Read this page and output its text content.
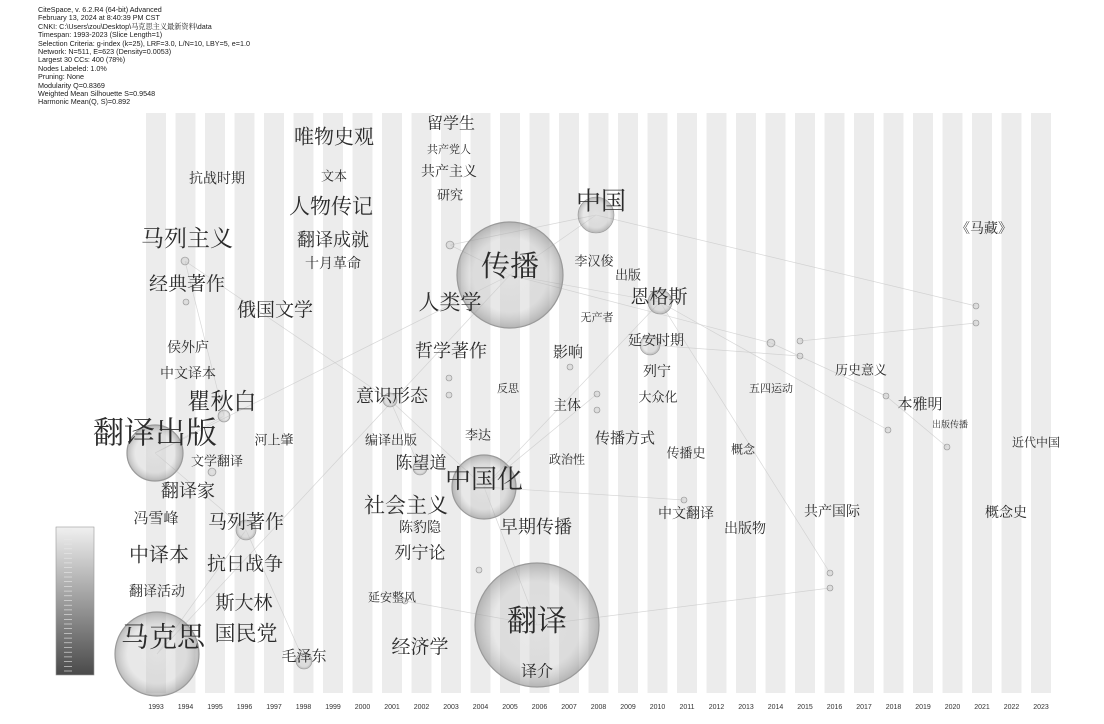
CiteSpace, v. 6.2.R4 (64-bit) Advanced
February 13, 2024 at 8:40:39 PM CST
CNKI: C:\Users\zou\Desktop\马克思主义最新资料\data
Timespan: 1993-2023 (Slice Length=1)
Selection Criteria: g-index (k=25), LRF=3.0, L/N=10, LBY=5, e=1.0
Network: N=511, E=623 (Density=0.0053)
Largest 30 CCs: 400 (78%)
Nodes Labeled: 1.0%
Pruning: None
Modularity Q=0.8369
Weighted Mean Silhouette S=0.9548
Harmonic Mean(Q, S)=0.892
唯物史观
留学生
共产党人
抗战时期	文本	共产主义
研究
人物传记	中国
马列主义	翻译成就
十月革命	传播	李汉俊
出版
《马藏》
经典著作
恩格斯
俄国文学	人类学
无产者
侯外庐	延安时期
哲学著作	影响
中文译本	列宁	历史意义
瞿秋白	意识形态	反思	五四运动
主体	大众化	本雅明
出版传播
翻译出版	河上肇	编译出版	李达	传播方式	近代中国
文学翻译	陈望道	政治性	传播史 概念
中国化
翻译家
社会主义
冯雪峰 马列著作	陈豹隐	早期传播
中文翻译
出版物
共产国际	概念史
中译本 抗日战争	列宁论
翻译活动 斯大林	延安整风
翻译
马克思 国民党
经济学
毛泽东
译介
1993 1994 1995 1996 1997 1998 1999 2000 2001 2002 2003 2004 2005 2006 2007 2008 2009 2010 2011 2012 2013 2014 2015 2016 2017 2018 2019 2020 2021 2022 2023
